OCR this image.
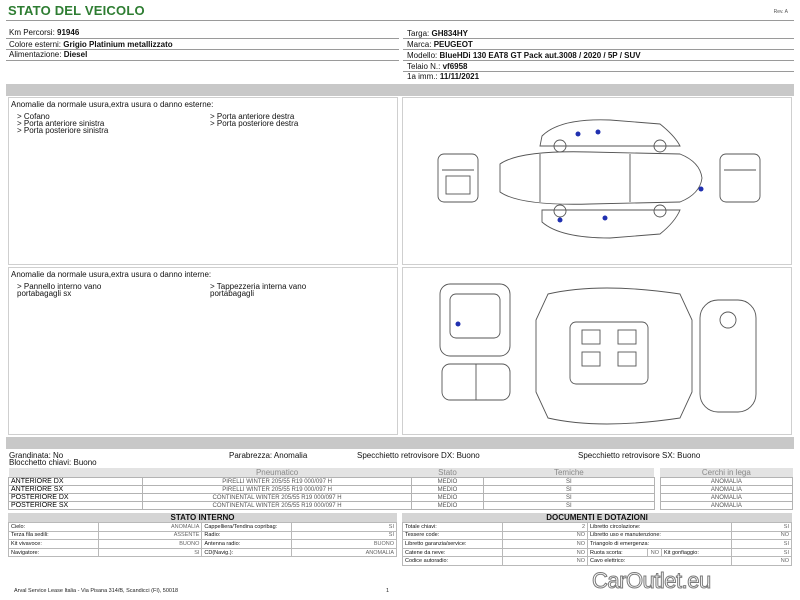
STATO DEL VEICOLO	Rev. A
Km Percorsi: 91946
Colore esterni: Grigio Platinium metallizzato
Alimentazione: Diesel
Targa: GH834HY
Marca: PEUGEOT
Modello: BlueHDi 130 EAT8 GT Pack aut.3008 / 2020 / 5P / SUV
Telaio N.: vf6958
1a imm.: 11/11/2021
Anomalie da normale usura,extra usura o danno esterne:
> Cofano
> Porta anteriore sinistra
> Porta posteriore sinistra
> Porta anteriore destra
> Porta posteriore destra
Anomalie da normale usura,extra usura o danno interne:
> Pannello interno vano
portabagagli sx
> Tappezzeria interna vano
portabagagli
Grandinata: No	Parabrezza: Anomalia	Specchietto retrovisore DX: Buono	Specchietto retrovisore SX: Buono
Blocchetto chiavi: Buono
	Pneumatico	Stato	Temiche		Cerchi in lega
ANTERIORE DX	PIRELLI WINTER 205/55 R19 000/097 H	MEDIO	SI		ANOMALIA
ANTERIORE SX	PIRELLI WINTER 205/55 R19 000/097 H	MEDIO	SI		ANOMALIA
POSTERIORE DX	CONTINENTAL WINTER 205/55 R19 000/097 H	MEDIO	SI		ANOMALIA
POSTERIORE SX	CONTINENTAL WINTER 205/55 R19 000/097 H	MEDIO	SI		ANOMALIA
STATO INTERNO
Cielo:	ANOMALIA	Cappelliera/Tendina copribag:	SI
Terza fila sedili:	ASSENTE	Radio:	SI
Kit vivavoce:	BUONO	Antenna radio:	BUONO
Navigatore:	SI	CD(Navig.):	ANOMALIA
DOCUMENTI E DOTAZIONI
Totale chiavi:	2	Libretto circolazione:			SI
Tessere code:	NO	Libretto uso e manutenzione:			NO
Libretto garanzia/service:	NO	Triangolo di emergenza:			SI
Catene da neve:	NO	Ruota scorta:	NO	Kit gonfiaggio:	SI
Codice autoradio:	NO	Cavo elettrico:			NO
Arval Service Lease Italia - Via Pisana 314/B, Scandicci (FI), 50018	1	CarOutlet.eu
